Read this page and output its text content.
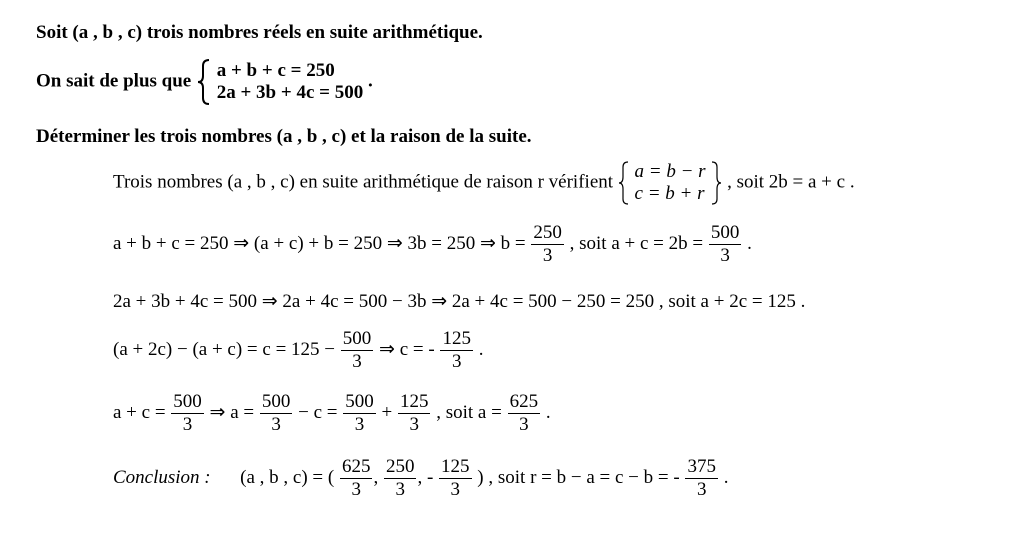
Soit (a , b , c) trois nombres réels en suite arithmétique.
On sait de plus que a + b + c = 250
2a + 3b + 4c = 500
.
Déterminer les trois nombres (a , b , c) et la raison de la suite.
Trois nombres (a , b , c) en suite arithmétique de raison r vérifient a = b − r
c = b + r
, soit 2b = a + c .
a + b + c = 250 ⇒ (a + c) + b = 250 ⇒ 3b = 250 ⇒ $b = \frac{250}{3}$ , soit $a + c = 2b = \frac{500}{3}$ .
2a + 3b + 4c = 500 ⇒ 2a + 4c = 500 − 3b ⇒ 2a + 4c = 500 − 250 = 250 , soit a + 2c = 125 .
$(a + 2c) - (a + c) = c = 125 - \frac{500}{3}$ ⇒ c = - $\frac{125}{3}$ .
$a + c = \frac{500}{3}$ ⇒ $a = \frac{500}{3} - c = \frac{500}{3} + \frac{125}{3}$ , soit $a = \frac{625}{3}$ .
Conclusion : (a , b , c) = ( $\frac{625}{3}$ , $\frac{250}{3}$ , - $\frac{125}{3}$ ) , soit r = b − a = c − b = - $\frac{375}{3}$ .
